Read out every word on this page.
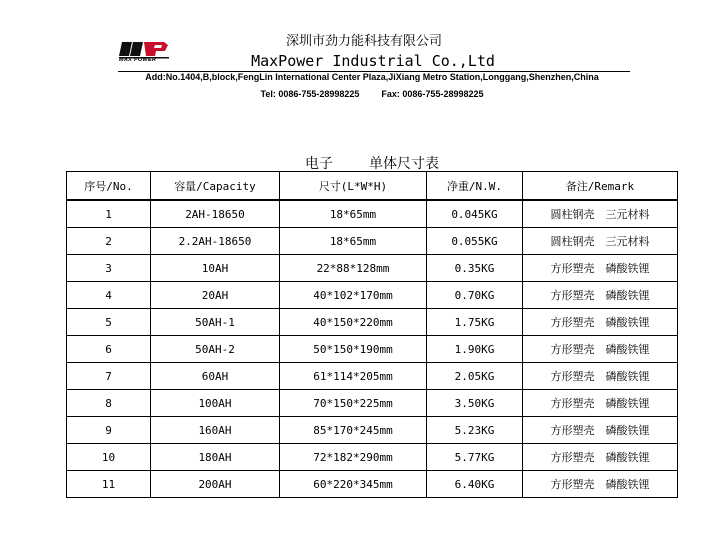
MAX POWER
深圳市劲力能科技有限公司
MaxPower Industrial Co.,Ltd
Add:No.1404,B,block,FengLin International Center Plaza,JiXiang Metro Station,Longgang,Shenzhen,China
Tel: 0086-755-28998225 Fax: 0086-755-28998225
电子	单体尺寸表
序号/No.	容量/Capacity	尺寸(L*W*H)	净重/N.W.	备注/Remark
1	2AH-18650	18*65mm	0.045KG	圆柱钢壳　三元材料
2	2.2AH-18650	18*65mm	0.055KG	圆柱钢壳　三元材料
3	10AH	22*88*128mm	0.35KG	方形塑壳　磷酸铁锂
4	20AH	40*102*170mm	0.70KG	方形塑壳　磷酸铁锂
5	50AH-1	40*150*220mm	1.75KG	方形塑壳　磷酸铁锂
6	50AH-2	50*150*190mm	1.90KG	方形塑壳　磷酸铁锂
7	60AH	61*114*205mm	2.05KG	方形塑壳　磷酸铁锂
8	100AH	70*150*225mm	3.50KG	方形塑壳　磷酸铁锂
9	160AH	85*170*245mm	5.23KG	方形塑壳　磷酸铁锂
10	180AH	72*182*290mm	5.77KG	方形塑壳　磷酸铁锂
11	200AH	60*220*345mm	6.40KG	方形塑壳　磷酸铁锂
